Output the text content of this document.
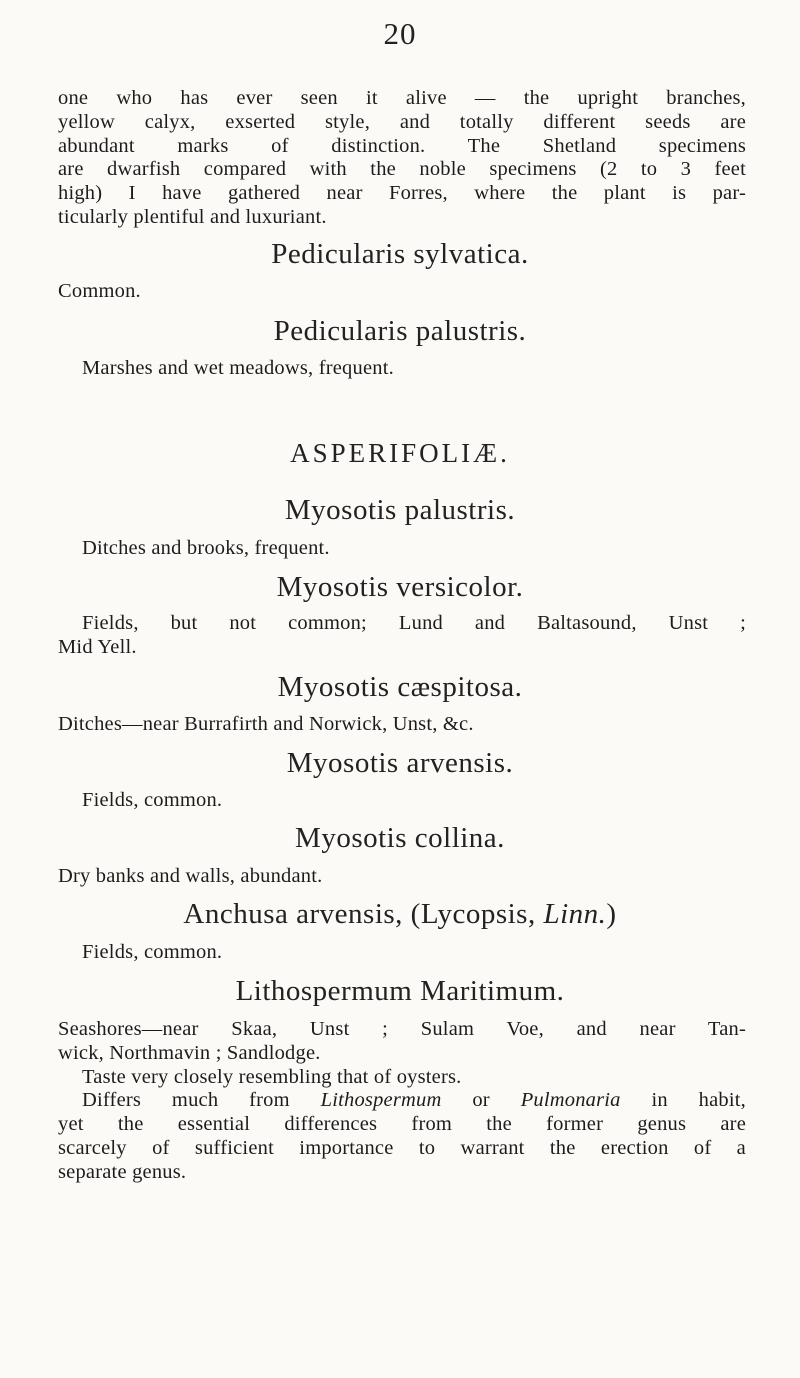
20
one who has ever seen it alive — the upright branches,
yellow calyx, exserted style, and totally different seeds are
abundant marks of distinction. The Shetland specimens
are dwarfish compared with the noble specimens (2 to 3 feet
high) I have gathered near Forres, where the plant is par-
ticularly plentiful and luxuriant.
Pedicularis sylvatica.
Common.
Pedicularis palustris.
Marshes and wet meadows, frequent.
ASPERIFOLIÆ.
Myosotis palustris.
Ditches and brooks, frequent.
Myosotis versicolor.
Fields, but not common; Lund and Baltasound, Unst ;
Mid Yell.
Myosotis cæspitosa.
Ditches—near Burrafirth and Norwick, Unst, &c.
Myosotis arvensis.
Fields, common.
Myosotis collina.
Dry banks and walls, abundant.
Anchusa arvensis, (Lycopsis, Linn.)
Fields, common.
Lithospermum Maritimum.
Seashores—near Skaa, Unst ; Sulam Voe, and near Tan-
wick, Northmavin ; Sandlodge.
Taste very closely resembling that of oysters.
Differs much from Lithospermum or Pulmonaria in habit,
yet the essential differences from the former genus are
scarcely of sufficient importance to warrant the erection of a
separate genus.
